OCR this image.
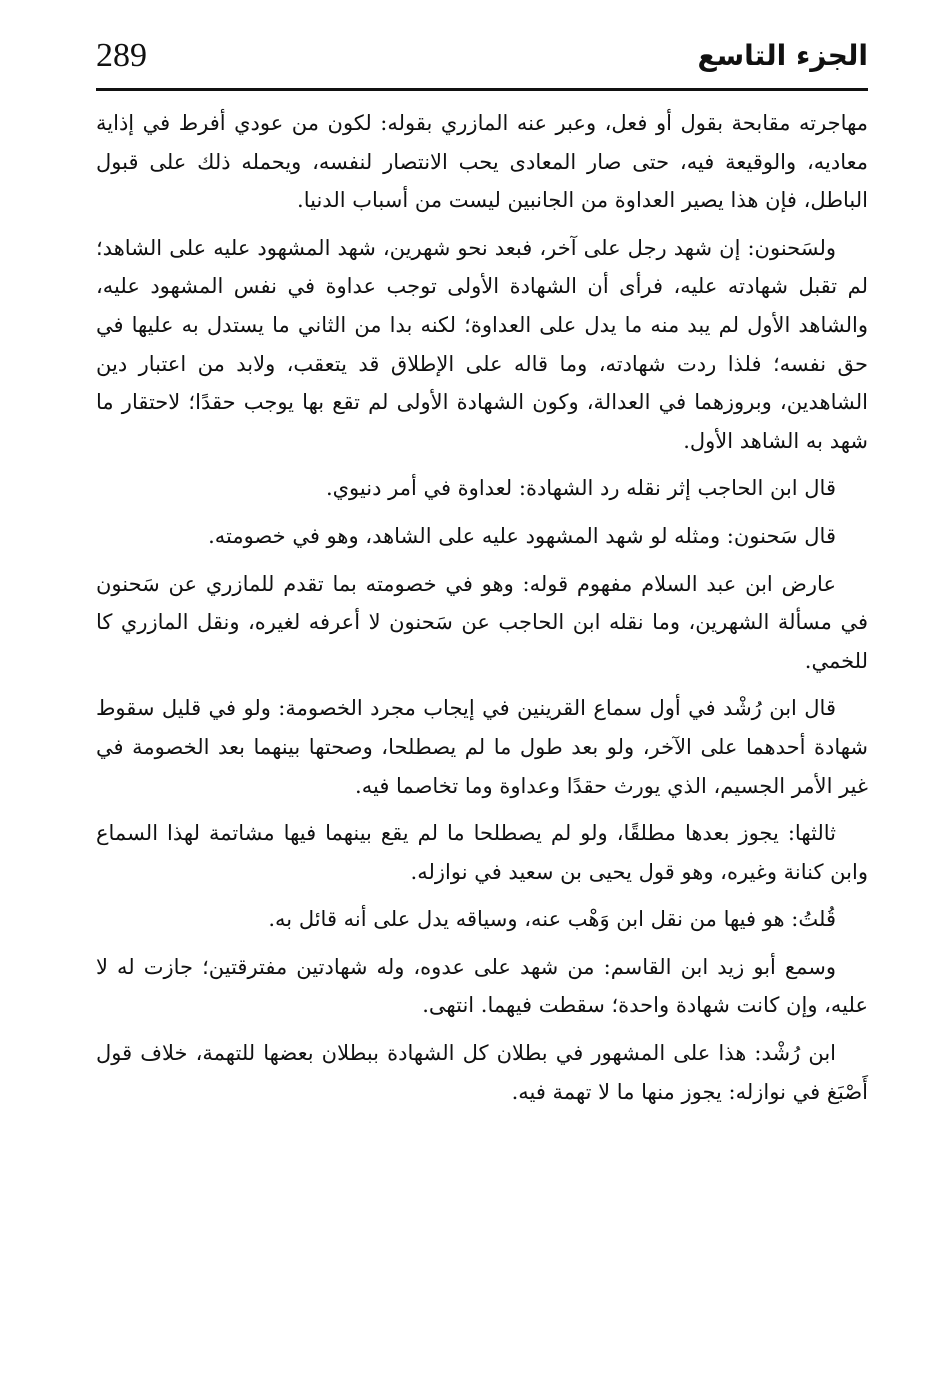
289	الجزء التاسع

مهاجرته مقابحة بقول أو فعل، وعبر عنه المازري بقوله: لكون من عودي أفرط في إذاية معاديه، والوقيعة فيه، حتى صار المعادى يحب الانتصار لنفسه، ويحمله ذلك على قبول الباطل، فإن هذا يصير العداوة من الجانبين ليست من أسباب الدنيا.

ولسَحنون: إن شهد رجل على آخر، فبعد نحو شهرين، شهد المشهود عليه على الشاهد؛ لم تقبل شهادته عليه، فرأى أن الشهادة الأولى توجب عداوة في نفس المشهود عليه، والشاهد الأول لم يبد منه ما يدل على العداوة؛ لكنه بدا من الثاني ما يستدل به عليها في حق نفسه؛ فلذا ردت شهادته، وما قاله على الإطلاق قد يتعقب، ولابد من اعتبار دين الشاهدين، وبروزهما في العدالة، وكون الشهادة الأولى لم تقع بها يوجب حقدًا؛ لاحتقار ما شهد به الشاهد الأول.

قال ابن الحاجب إثر نقله رد الشهادة: لعداوة في أمر دنيوي.

قال سَحنون: ومثله لو شهد المشهود عليه على الشاهد، وهو في خصومته.

عارض ابن عبد السلام مفهوم قوله: وهو في خصومته بما تقدم للمازري عن سَحنون في مسألة الشهرين، وما نقله ابن الحاجب عن سَحنون لا أعرفه لغيره، ونقل المازري كا للخمي.

قال ابن رُشْد في أول سماع القرينين في إيجاب مجرد الخصومة: ولو في قليل سقوط شهادة أحدهما على الآخر، ولو بعد طول ما لم يصطلحا، وصحتها بينهما بعد الخصومة في غير الأمر الجسيم، الذي يورث حقدًا وعداوة وما تخاصما فيه.

ثالثها: يجوز بعدها مطلقًا، ولو لم يصطلحا ما لم يقع بينهما فيها مشاتمة لهذا السماع وابن كنانة وغيره، وهو قول يحيى بن سعيد في نوازله.

قُلتُ: هو فيها من نقل ابن وَهْب عنه، وسياقه يدل على أنه قائل به.

وسمع أبو زيد ابن القاسم: من شهد على عدوه، وله شهادتين مفترقتين؛ جازت له لا عليه، وإن كانت شهادة واحدة؛ سقطت فيهما. انتهى.

ابن رُشْد: هذا على المشهور في بطلان كل الشهادة ببطلان بعضها للتهمة، خلاف قول أَصْبَغ في نوازله: يجوز منها ما لا تهمة فيه.
